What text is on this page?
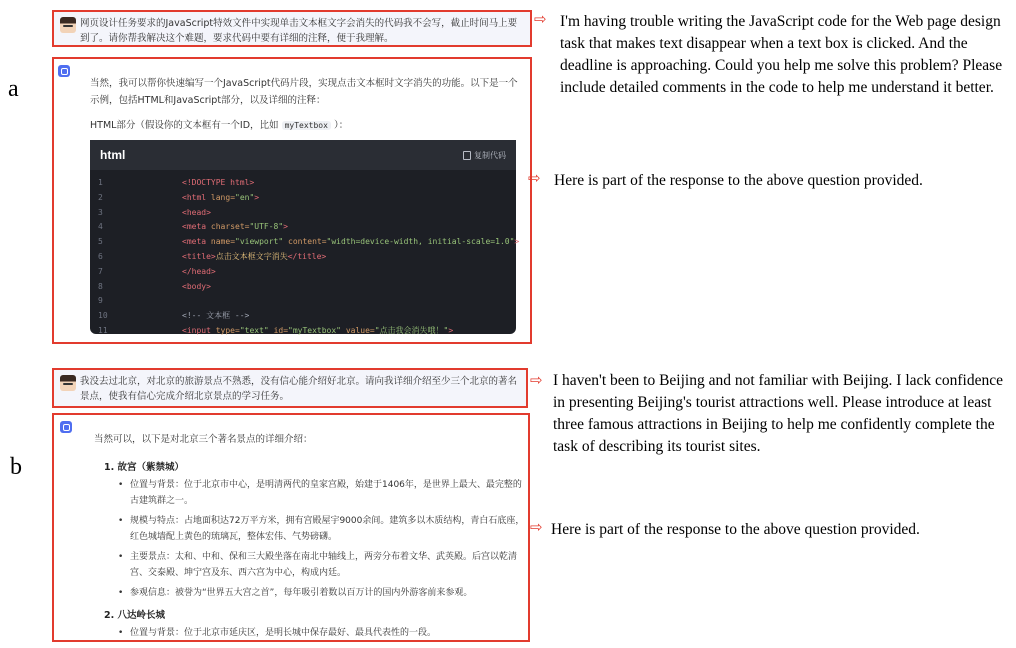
a
网页设计任务要求的JavaScript特效文件中实现单击文本框文字会消失的代码我不会写，截止时间马上要到了。请你帮我解决这个难题，要求代码中要有详细的注释，便于我理解。
⇨ I'm having trouble writing the JavaScript code for the Web page design task that makes text disappear when a text box is clicked. And the deadline is approaching. Could you help me solve this problem? Please include detailed comments in the code to help me understand it better.
当然，我可以帮你快速编写一个JavaScript代码片段，实现点击文本框时文字消失的功能。以下是一个示例，包括HTML和JavaScript部分，以及详细的注释：
HTML部分（假设你的文本框有一个ID，比如 myTextbox ）：
html	复制代码
1	<!DOCTYPE html>
2	<html lang="en">
3	<head>
4	<meta charset="UTF-8">
5	<meta name="viewport" content="width=device-width, initial-scale=1.0">
6	<title>点击文本框文字消失</title>
7	</head>
8	<body>
9
10	<!-- 文本框 -->
11	<input type="text" id="myTextbox" value="点击我会消失哦！">
⇨ Here is part of the response to the above question provided.
b
我没去过北京，对北京的旅游景点不熟悉，没有信心能介绍好北京。请向我详细介绍至少三个北京的著名景点，使我有信心完成介绍北京景点的学习任务。
⇨ I haven't been to Beijing and not familiar with Beijing. I lack confidence in presenting Beijing's tourist attractions well. Please introduce at least three famous attractions in Beijing to help me confidently complete the task of describing its tourist sites.
当然可以，以下是对北京三个著名景点的详细介绍：
1. 故宫（紫禁城）
• 位置与背景：位于北京市中心，是明清两代的皇家宫殿，始建于1406年，是世界上最大、最完整的古建筑群之一。
• 规模与特点：占地面积达72万平方米，拥有宫殿屋宇9000余间。建筑多以木质结构，青白石底座，红色城墙配上黄色的琉璃瓦，整体宏伟、气势磅礴。
• 主要景点：太和、中和、保和三大殿坐落在南北中轴线上，两旁分布着文华、武英殿。后宫以乾清宫、交泰殿、坤宁宫及东、西六宫为中心，构成内廷。
• 参观信息：被誉为“世界五大宫之首”，每年吸引着数以百万计的国内外游客前来参观。
2. 八达岭长城
• 位置与背景：位于北京市延庆区，是明长城中保存最好、最具代表性的一段。
⇨ Here is part of the response to the above question provided.
